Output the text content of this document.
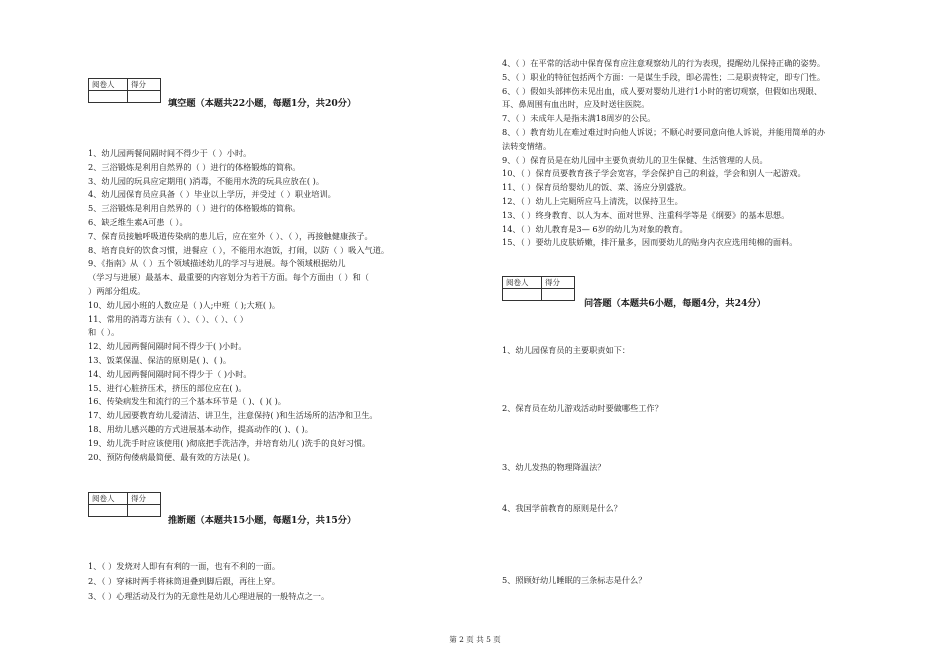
阅卷人	得分

填空题（本题共22小题，每题1分，共20分）
1、幼儿园两餐间隔时间不得少于（ ）小时。
2、三浴锻炼是利用自然界的（ ）进行的体格锻炼的简称。
3、幼儿园的玩具应定期用( )消毒，不能用水洗的玩具应放在( )。
4、幼儿园保育员应具备（ ）毕业以上学历，并受过（ ）职业培训。
5、三浴锻炼是利用自然界的（ ）进行的体格锻炼的简称。
6、缺乏维生素A可患（ ）。
7、保育员接触呼吸道传染病的患儿后，应在室外（ ）、（ ），再接触健康孩子。
8、培育良好的饮食习惯，进餐应（ ），不能用水泡饭，打闹，以防（ ）吸入气道。
9、《指南》从（ ）五个领域描述幼儿的学习与进展。每个领域根据幼儿
（学习与进展）最基本、最重要的内容划分为若干方面。每个方面由（ ）和（
）两部分组成。
10、幼儿园小班的人数应是（ )人;中班（ );大班( )。
11、常用的消毒方法有（ ）、（ ）、（ ）、（ ）
和（ ）。
12、幼儿园两餐间隔时间不得少于( )小时。
13、饭菜保温、保洁的原则是( )、( )。
14、幼儿园两餐间隔时间不得少于（ )小时。
15、进行心脏挤压术，挤压的部位应在( )。
16、传染病发生和流行的三个基本环节是（ )、( )( )。
17、幼儿园要教育幼儿爱清洁、讲卫生，注意保持( )和生活场所的洁净和卫生。
18、用幼儿感兴趣的方式进展基本动作，提高动作的( )、( )。
19、幼儿洗手时应该使用( )彻底把手洗洁净，并培育幼儿( )洗手的良好习惯。
20、预防佝偻病最简便、最有效的方法是( )。
阅卷人	得分

推断题（本题共15小题，每题1分，共15分）
1、（ ）发烧对人即有有利的一面，也有不利的一面。
2、（ ）穿袜时两手将袜筒退叠到脚后跟，再往上穿。
3、（ ）心理活动及行为的无意性是幼儿心理进展的一般特点之一。
4、（ ）在平常的活动中保育保育应注意观察幼儿的行为表现，提醒幼儿保持正确的姿势。
5、（ ）职业的特征包括两个方面：一是谋生手段，即必需性；二是职责特定，即专门性。
6、（ ）假如头部摔伤未见出血，成人要对婴幼儿进行1小时的密切观察，但假如出现眼、
耳、鼻周围有血出时，应及时送往医院。
7、（ ）未成年人是指未满18周岁的公民。
8、（ ）教育幼儿在难过难过时向他人诉说；不顺心时要同意向他人诉说，并能用简单的办
法转变情绪。
9、（ ）保育员是在幼儿园中主要负责幼儿的卫生保健、生活管理的人员。
10、（ ）保育员要教育孩子学会宽容，学会保护自己的利益，学会和别人一起游戏。
11、（ ）保育员给婴幼儿的饭、菜、汤应分别盛放。
12、（ ）幼儿上完厕所应马上清洗，以保持卫生。
13、（ ）终身教育、以人为本、面对世界、注重科学等是《纲要》的基本思想。
14、（ ）幼儿教育是3— 6岁的幼儿为对象的教育。
15、（ ）要幼儿皮肤娇嫩，排汗量多，因而要幼儿的贴身内衣应选用纯棉的面料。
阅卷人	得分

问答题（本题共6小题，每题4分，共24分）
1、幼儿园保育员的主要职责如下：
2、保育员在幼儿游戏活动时要做哪些工作？
3、幼儿发热的物理降温法？
4、我国学前教育的原则是什么？
5、照顾好幼儿睡眠的三条标志是什么？
第 2 页 共 5 页
